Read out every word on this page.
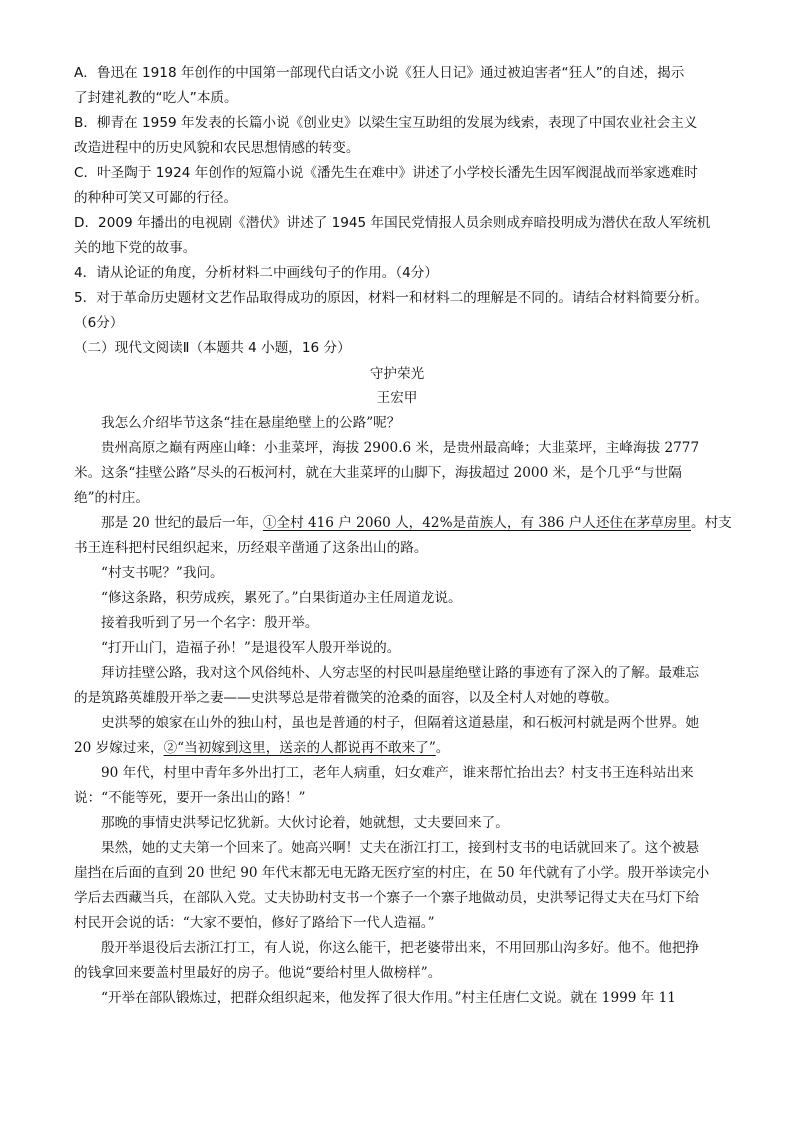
A．鲁迅在 1918 年创作的中国第一部现代白话文小说《狂人日记》通过被迫害者“狂人”的自述，揭示
了封建礼教的“吃人”本质。
B．柳青在 1959 年发表的长篇小说《创业史》以梁生宝互助组的发展为线索，表现了中国农业社会主义
改造进程中的历史风貌和农民思想情感的转变。
C．叶圣陶于 1924 年创作的短篇小说《潘先生在难中》讲述了小学校长潘先生因军阀混战而举家逃难时
的种种可笑又可鄙的行径。
D．2009 年播出的电视剧《潜伏》讲述了 1945 年国民党情报人员余则成弃暗投明成为潜伏在敌人军统机
关的地下党的故事。
4．请从论证的角度，分析材料二中画线句子的作用。（4分）
5．对于革命历史题材文艺作品取得成功的原因，材料一和材料二的理解是不同的。请结合材料简要分析。
（6分）
（二）现代文阅读Ⅱ（本题共 4 小题，16 分）
守护荣光
王宏甲
我怎么介绍毕节这条“挂在悬崖绝壁上的公路”呢？
贵州高原之巅有两座山峰：小韭菜坪，海拔 2900.6 米，是贵州最高峰；大韭菜坪，主峰海拔 2777
米。这条“挂壁公路”尽头的石板河村，就在大韭菜坪的山脚下，海拔超过 2000 米，是个几乎“与世隔
绝”的村庄。
那是 20 世纪的最后一年，①全村 416 户 2060 人，42%是苗族人，有 386 户人还住在茅草房里。村支
书王连科把村民组织起来，历经艰辛凿通了这条出山的路。
“村支书呢？”我问。
“修这条路，积劳成疾，累死了。”白果街道办主任周道龙说。
接着我听到了另一个名字：殷开举。
“打开山门，造福子孙！”是退役军人殷开举说的。
拜访挂壁公路，我对这个风俗纯朴、人穷志坚的村民叫悬崖绝壁让路的事迹有了深入的了解。最难忘
的是筑路英雄殷开举之妻——史洪琴总是带着微笑的沧桑的面容，以及全村人对她的尊敬。
史洪琴的娘家在山外的独山村，虽也是普通的村子，但隔着这道悬崖，和石板河村就是两个世界。她
20 岁嫁过来，②“当初嫁到这里，送亲的人都说再不敢来了”。
90 年代，村里中青年多外出打工，老年人病重，妇女难产，谁来帮忙抬出去？村支书王连科站出来
说：“不能等死，要开一条出山的路！”
那晚的事情史洪琴记忆犹新。大伙讨论着，她就想，丈夫要回来了。
果然，她的丈夫第一个回来了。她高兴啊！丈夫在浙江打工，接到村支书的电话就回来了。这个被悬
崖挡在后面的直到 20 世纪 90 年代末都无电无路无医疗室的村庄，在 50 年代就有了小学。殷开举读完小
学后去西藏当兵，在部队入党。丈夫协助村支书一个寨子一个寨子地做动员，史洪琴记得丈夫在马灯下给
村民开会说的话：“大家不要怕，修好了路给下一代人造福。”
殷开举退役后去浙江打工，有人说，你这么能干，把老婆带出来，不用回那山沟多好。他不。他把挣
的钱拿回来要盖村里最好的房子。他说“要给村里人做榜样”。
“开举在部队锻炼过，把群众组织起来，他发挥了很大作用。”村主任唐仁文说。就在 1999 年 11
